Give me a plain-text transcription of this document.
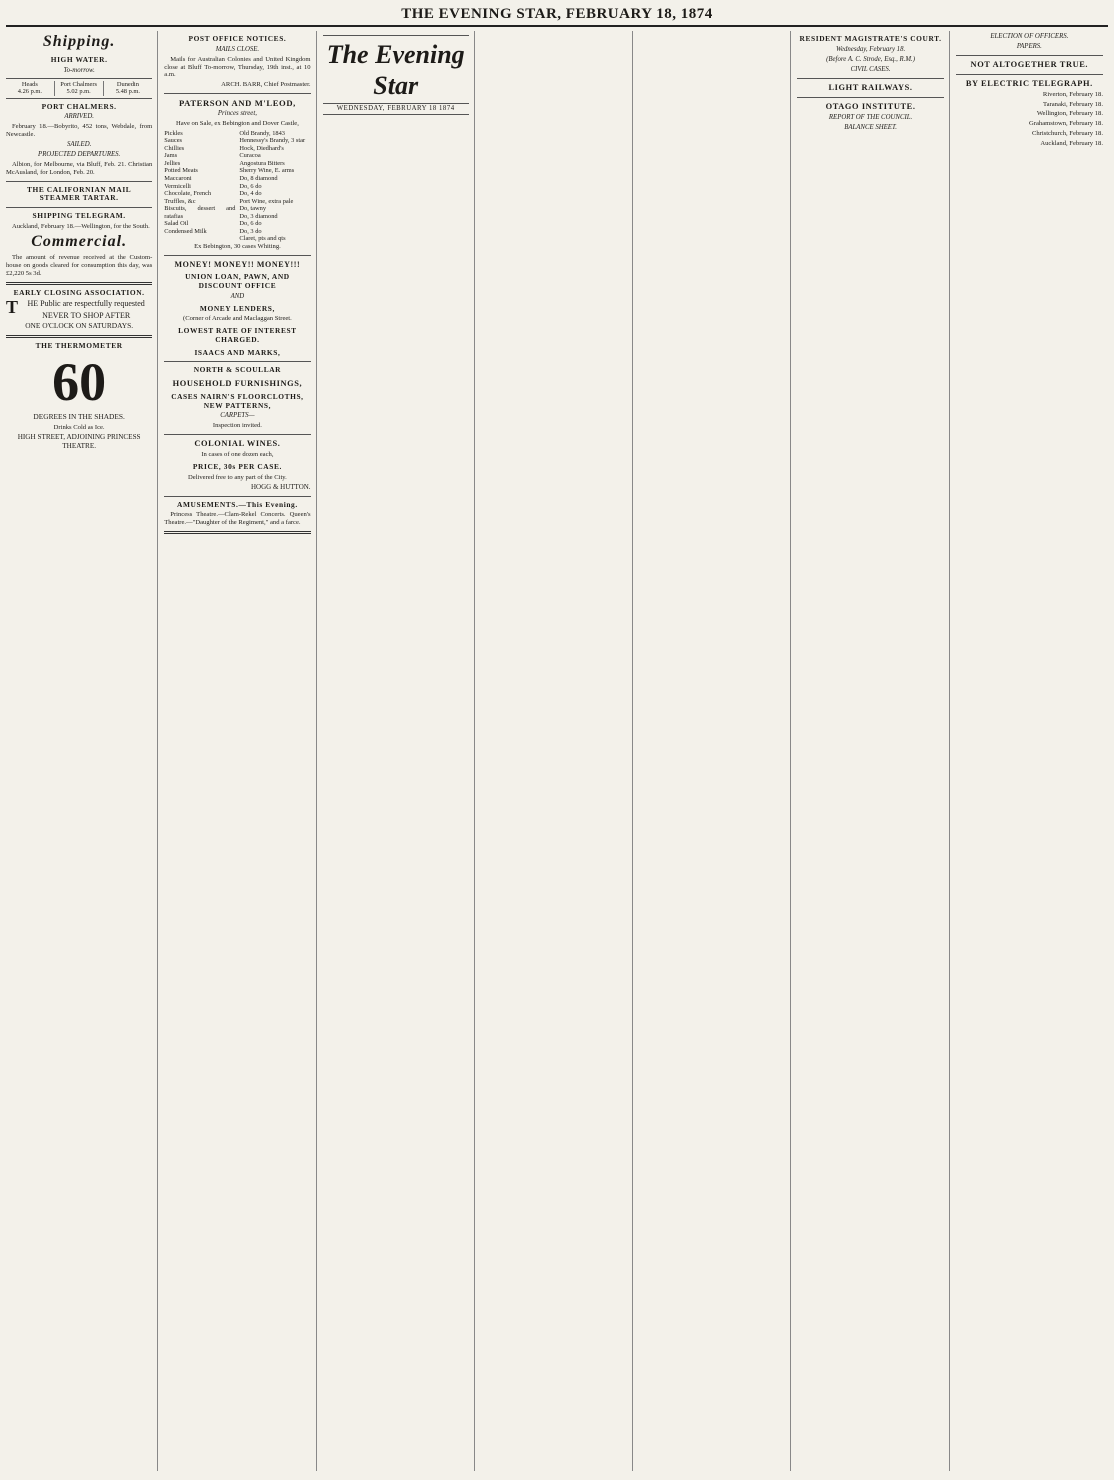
THE EVENING STAR, FEBRUARY 18, 1874
Shipping.
HIGH WATER.
To-morrow.
Heads
4.26 p.m.
Port Chalmers
5.02 p.m.
Dunedin
5.48 p.m.
PORT CHALMERS.
ARRIVED.

February 18.—Bobyrito, 452 tons, Webdale, from Newcastle.

SAILED.
PROJECTED DEPARTURES.

Albion, for Melbourne, via Bluff, Feb. 21. Christian McAusland, for London, Feb. 20.

THE CALIFORNIAN MAIL STEAMER TARTAR.
SHIPPING TELEGRAM.

Auckland, February 18.—Wellington, for the South.

Commercial.

The amount of revenue received at the Custom-house on goods cleared for consumption this day, was £2,220 5s 3d.

EARLY CLOSING ASSOCIATION.

THE Public are respectfully requested

NEVER TO SHOP AFTER

ONE O'CLOCK ON SATURDAYS.

THE THERMOMETER
60

DEGREES IN THE SHADES.

Drinks Cold as Ice.

HIGH STREET, ADJOINING PRINCESS THEATRE.

POST OFFICE NOTICES.
MAILS CLOSE.

Mails for Australian Colonies and United Kingdom close at Bluff To-morrow, Thursday, 19th inst., at 10 a.m.

ARCH. BARR, Chief Postmaster.

PATERSON AND M'LEOD,
Princes street,

Have on Sale, ex Bebington and Dover Castle,

Pickles
Sauces
Chillies
Jams
Jellies
Potted Meats
Maccaroni
Vermicelli
Chocolate, French
Truffles, &c
Biscuits, dessert and ratafias
Salad Oil
Condensed Milk
Old Brandy, 1843
Hennessy's Brandy, 3 star
Hock, Diedhard's
Curacoa
Angostura Bitters
Sherry Wine, E. arms
Do, 8 diamond
Do, 6 do
Do, 4 do
Port Wine, extra pale
Do, tawny
Do, 3 diamond
Do, 6 do
Do, 3 do
Claret, pts and qts

Ex Bebington, 30 cases Whiting.

MONEY! MONEY!! MONEY!!!
UNION LOAN, PAWN, AND DISCOUNT OFFICE
AND
MONEY LENDERS,

(Corner of Arcade and Maclaggan Street.

LOWEST RATE OF INTEREST CHARGED.
ISAACS AND MARKS,
NORTH & SCOULLAR
HOUSEHOLD FURNISHINGS,
CASES NAIRN'S FLOORCLOTHS, NEW PATTERNS,
CARPETS—

Inspection invited.

COLONIAL WINES.

In cases of one dozen each,

PRICE, 30s PER CASE.

Delivered free to any part of the City.

HOGG & HUTTON.

AMUSEMENTS.—This Evening.

Princess Theatre.—Clam-Rekel Concerts. Queen's Theatre.—"Daughter of the Regiment," and a farce.

The Evening Star
WEDNESDAY, FEBRUARY 18 1874
RESIDENT MAGISTRATE'S COURT.
Wednesday, February 18.
(Before A. C. Strode, Esq., R.M.)
CIVIL CASES.
LIGHT RAILWAYS.
OTAGO INSTITUTE.
REPORT OF THE COUNCIL.
BALANCE SHEET.
ELECTION OF OFFICERS.
PAPERS.
NOT ALTOGETHER TRUE.
BY ELECTRIC TELEGRAPH.

Riverton, February 18.

Taranaki, February 18.

Wellington, February 18.

Grahamstown, February 18.

Christchurch, February 18.

Auckland, February 18.
